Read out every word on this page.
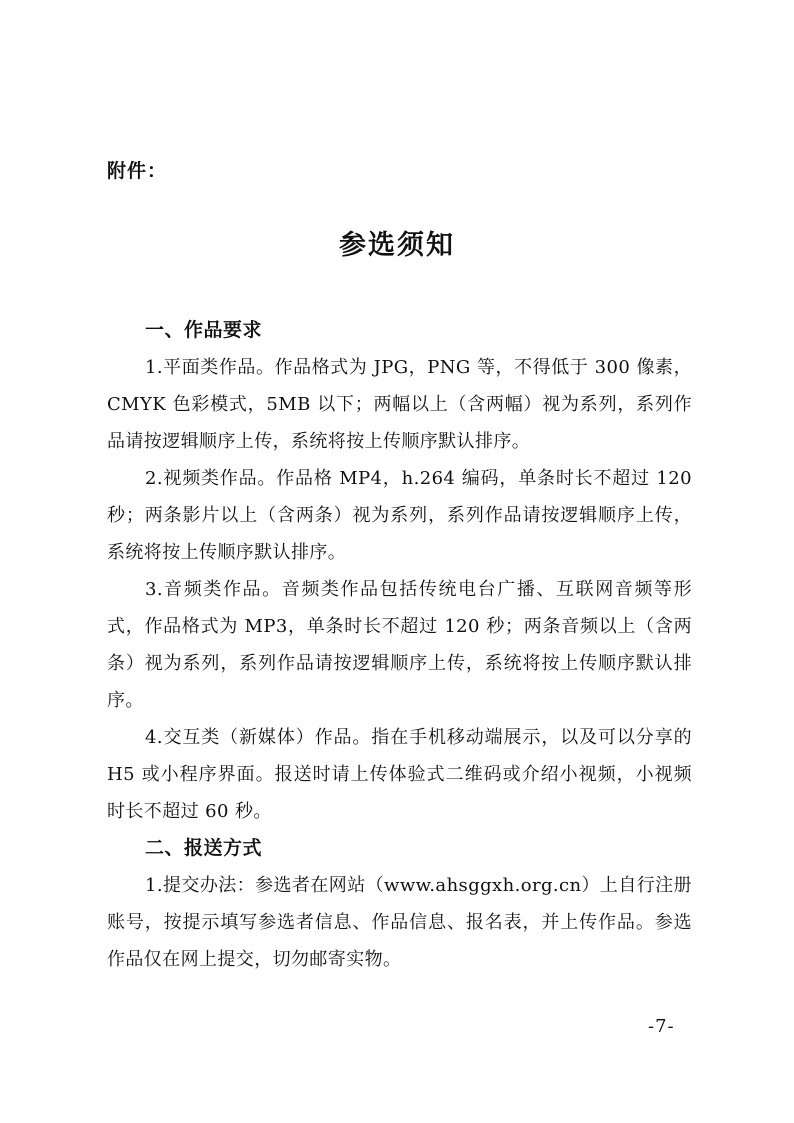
附件：
参选须知

一、作品要求

1.平面类作品。作品格式为 JPG，PNG 等，不得低于 300 像素，CMYK 色彩模式，5MB 以下；两幅以上（含两幅）视为系列，系列作品请按逻辑顺序上传，系统将按上传顺序默认排序。

2.视频类作品。作品格 MP4，h.264 编码，单条时长不超过 120 秒；两条影片以上（含两条）视为系列，系列作品请按逻辑顺序上传，系统将按上传顺序默认排序。

3.音频类作品。音频类作品包括传统电台广播、互联网音频等形式，作品格式为 MP3，单条时长不超过 120 秒；两条音频以上（含两条）视为系列，系列作品请按逻辑顺序上传，系统将按上传顺序默认排序。

4.交互类（新媒体）作品。指在手机移动端展示，以及可以分享的 H5 或小程序界面。报送时请上传体验式二维码或介绍小视频，小视频时长不超过 60 秒。

二、报送方式

1.提交办法：参选者在网站（www.ahsggxh.org.cn）上自行注册账号，按提示填写参选者信息、作品信息、报名表，并上传作品。参选作品仅在网上提交，切勿邮寄实物。

-7-
